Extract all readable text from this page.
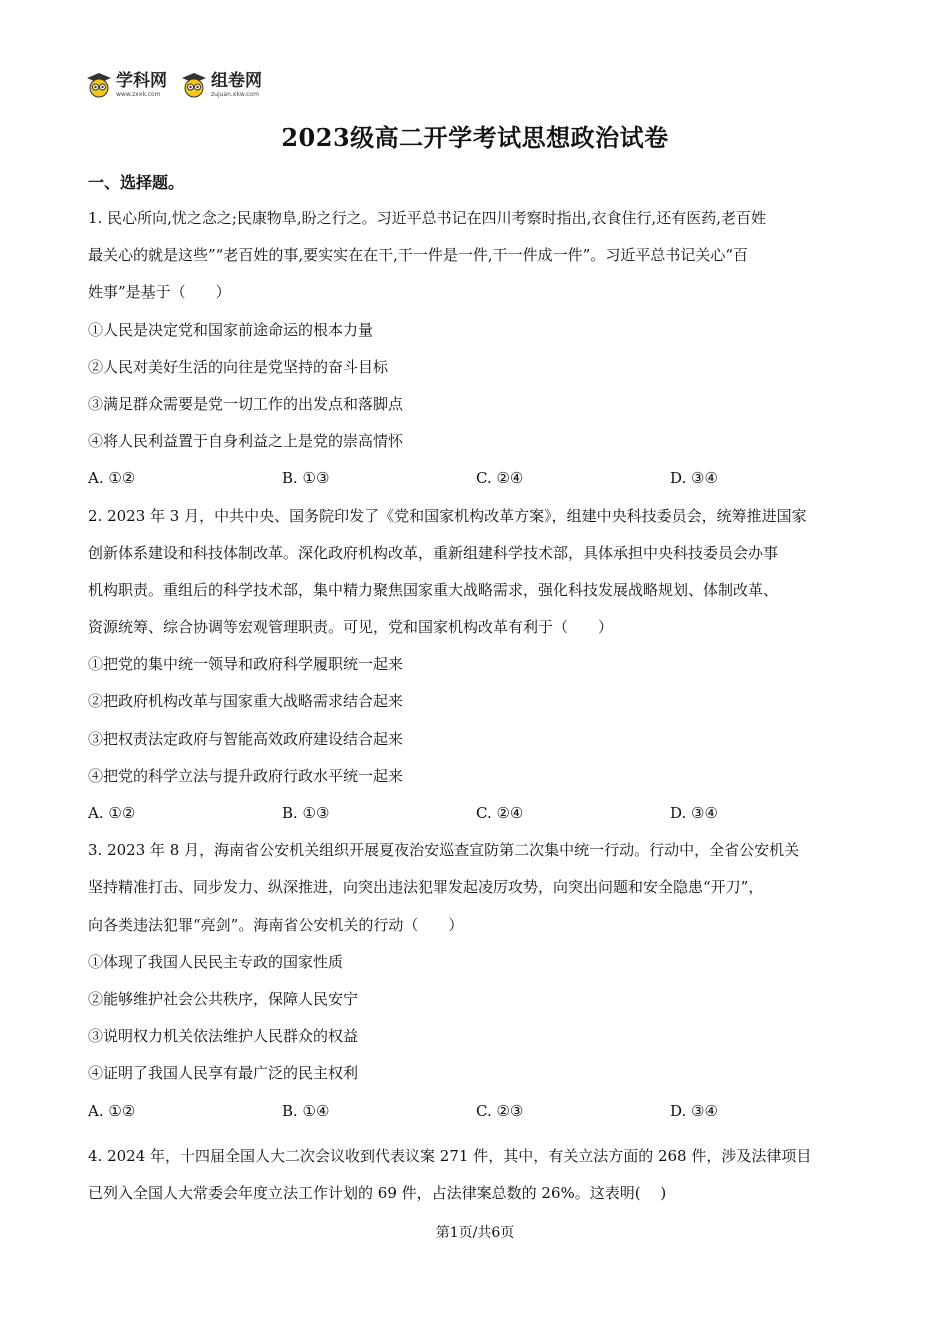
学科网
www.zxxk.com
组卷网
zujuan.xkw.com
2023级高二开学考试思想政治试卷
一、选择题。
1. 民心所向,忧之念之;民康物阜,盼之行之。习近平总书记在四川考察时指出,衣食住行,还有医药,老百姓
最关心的就是这些”“老百姓的事,要实实在在干,干一件是一件,干一件成一件”。习近平总书记关心“百
姓事”是基于（　　）
①人民是决定党和国家前途命运的根本力量
②人民对美好生活的向往是党坚持的奋斗目标
③满足群众需要是党一切工作的出发点和落脚点
④将人民利益置于自身利益之上是党的崇高情怀
A. ①②	B. ①③	C. ②④	D. ③④
2. 2023 年 3 月，中共中央、国务院印发了《党和国家机构改革方案》，组建中央科技委员会，统筹推进国家
创新体系建设和科技体制改革。深化政府机构改革，重新组建科学技术部，具体承担中央科技委员会办事
机构职责。重组后的科学技术部，集中精力聚焦国家重大战略需求，强化科技发展战略规划、体制改革、
资源统筹、综合协调等宏观管理职责。可见，党和国家机构改革有利于（　　）
①把党的集中统一领导和政府科学履职统一起来
②把政府机构改革与国家重大战略需求结合起来
③把权责法定政府与智能高效政府建设结合起来
④把党的科学立法与提升政府行政水平统一起来
A. ①②	B. ①③	C. ②④	D. ③④
3. 2023 年 8 月，海南省公安机关组织开展夏夜治安巡查宣防第二次集中统一行动。行动中，全省公安机关
坚持精准打击、同步发力、纵深推进，向突出违法犯罪发起凌厉攻势，向突出问题和安全隐患“开刀”，
向各类违法犯罪“亮剑”。海南省公安机关的行动（　　）
①体现了我国人民民主专政的国家性质
②能够维护社会公共秩序，保障人民安宁
③说明权力机关依法维护人民群众的权益
④证明了我国人民享有最广泛的民主权利
A. ①②	B. ①④	C. ②③	D. ③④
4. 2024 年，十四届全国人大二次会议收到代表议案 271 件，其中，有关立法方面的 268 件，涉及法律项目
已列入全国人大常委会年度立法工作计划的 69 件，占法律案总数的 26%。这表明(　 )
第1页/共6页
